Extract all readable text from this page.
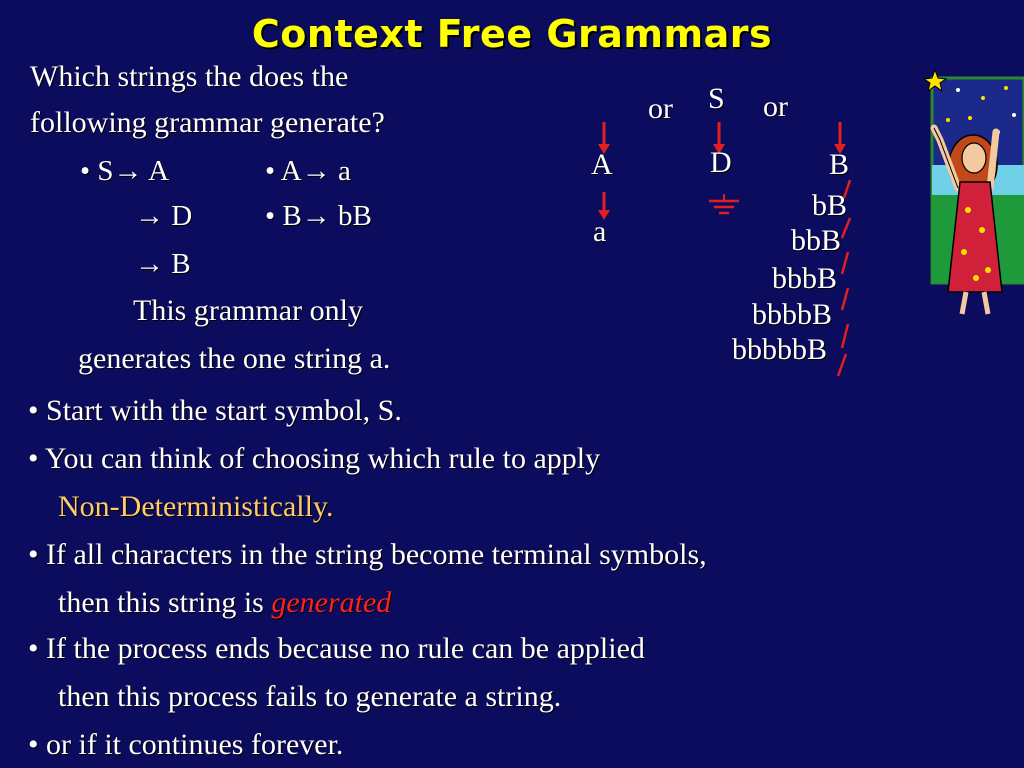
Context Free Grammars
Which strings the does the
following grammar generate?
• S→ A
→ D
→ B
• A→ a
• B→ bB
This grammar only
generates the one string a.
S
or	or
A
a
D	B
bB
bbB
bbbB
bbbbB
bbbbbB
• Start with the start symbol, S.
• You can think of choosing which rule to apply
Non-Deterministically.
• If all characters in the string become terminal symbols,
then this string is generated
• If the process ends because no rule can be applied
then this process fails to generate a string.
• or if it continues forever.
